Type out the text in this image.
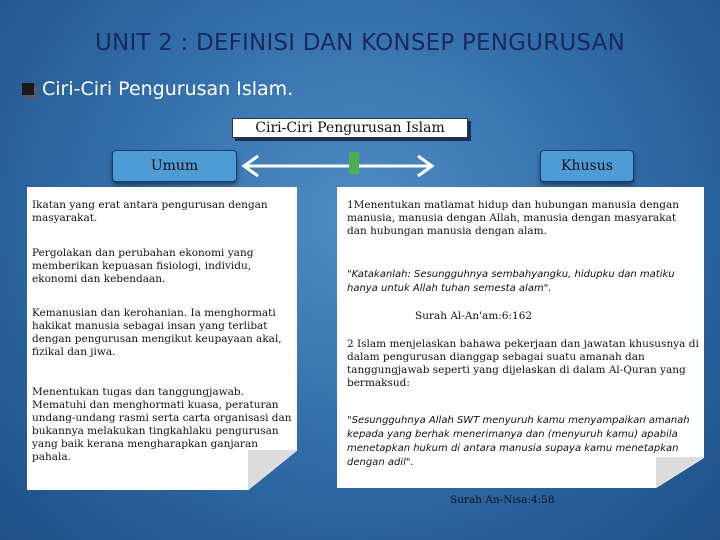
UNIT 2 : DEFINISI DAN KONSEP PENGURUSAN
Ciri-Ciri Pengurusan Islam.
Ciri-Ciri Pengurusan Islam
Umum	Khusus

Ikatan yang erat antara pengurusan dengan masyarakat.

Pergolakan dan perubahan ekonomi yang memberikan kepuasan fisiologi, individu, ekonomi dan kebendaan.

Kemanusian dan kerohanian. Ia menghormati hakikat manusia sebagai insan yang terlibat dengan pengurusan mengikut keupayaan akal, fizikal dan jiwa.

Menentukan tugas dan tanggungjawab. Mematuhi dan menghormati kuasa, peraturan undang-undang rasmi serta carta organisasi dan bukannya melakukan tingkahlaku pengurusan yang baik kerana mengharapkan ganjaran pahala.

1Menentukan matlamat hidup dan hubungan manusia dengan manusia, manusia dengan Allah, manusia dengan masyarakat dan hubungan manusia dengan alam.

"Katakanlah: Sesungguhnya sembahyangku, hidupku dan matiku hanya untuk Allah tuhan semesta alam".

Surah Al-An'am:6:162

2 Islam menjelaskan bahawa pekerjaan dan jawatan khususnya di dalam pengurusan dianggap sebagai suatu amanah dan tanggungjawab seperti yang dijelaskan di dalam Al-Quran yang bermaksud:

"Sesungguhnya Allah SWT menyuruh kamu menyampaikan amanah kepada yang berhak menerimanya dan (menyuruh kamu) apabila menetapkan hukum di antara manusia supaya kamu menetapkan dengan adil".

Surah An-Nisa:4:58
